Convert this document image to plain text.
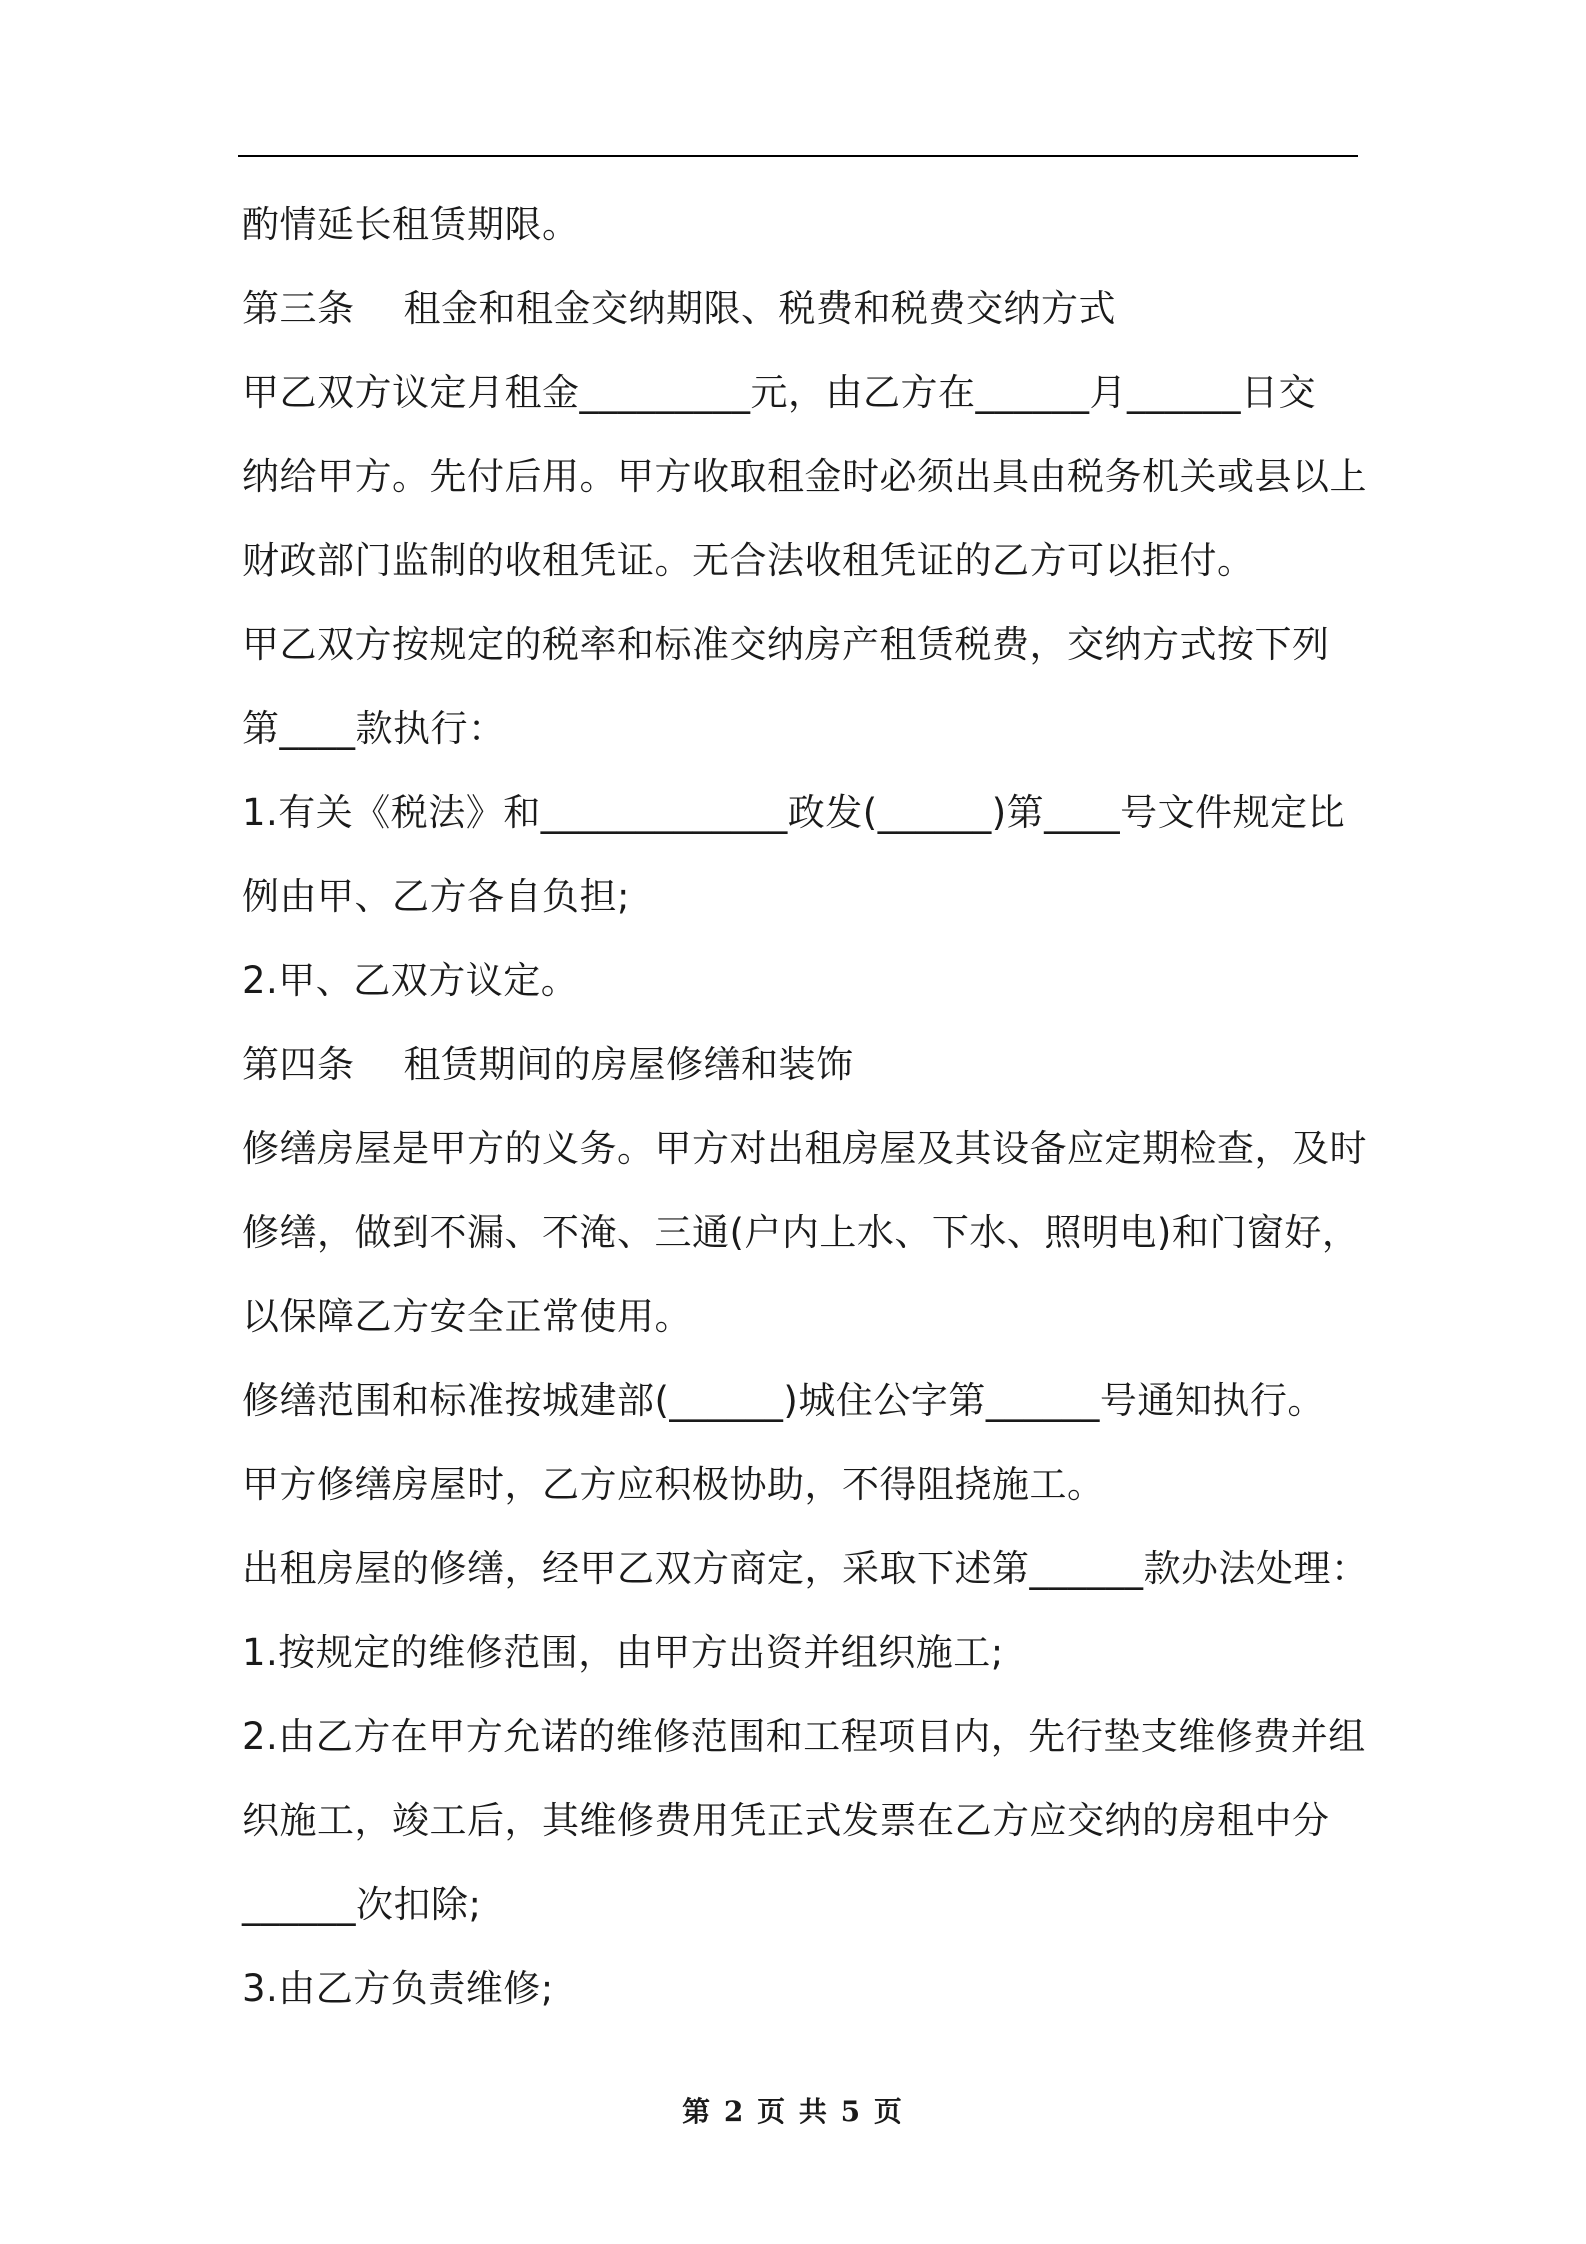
酌情延长租赁期限。
第三条    租金和租金交纳期限、税费和税费交纳方式
甲乙双方议定月租金_________元，由乙方在______月______日交
纳给甲方。先付后用。甲方收取租金时必须出具由税务机关或县以上
财政部门监制的收租凭证。无合法收租凭证的乙方可以拒付。
甲乙双方按规定的税率和标准交纳房产租赁税费，交纳方式按下列
第____款执行：
1.有关《税法》和_____________政发(______)第____号文件规定比
例由甲、乙方各自负担;
2.甲、乙双方议定。
第四条    租赁期间的房屋修缮和装饰
修缮房屋是甲方的义务。甲方对出租房屋及其设备应定期检查，及时
修缮，做到不漏、不淹、三通(户内上水、下水、照明电)和门窗好，
以保障乙方安全正常使用。
修缮范围和标准按城建部(______)城住公字第______号通知执行。
甲方修缮房屋时，乙方应积极协助，不得阻挠施工。
出租房屋的修缮，经甲乙双方商定，采取下述第______款办法处理：
1.按规定的维修范围，由甲方出资并组织施工;
2.由乙方在甲方允诺的维修范围和工程项目内，先行垫支维修费并组
织施工，竣工后，其维修费用凭正式发票在乙方应交纳的房租中分
______次扣除;
3.由乙方负责维修;
第 2 页 共 5 页
